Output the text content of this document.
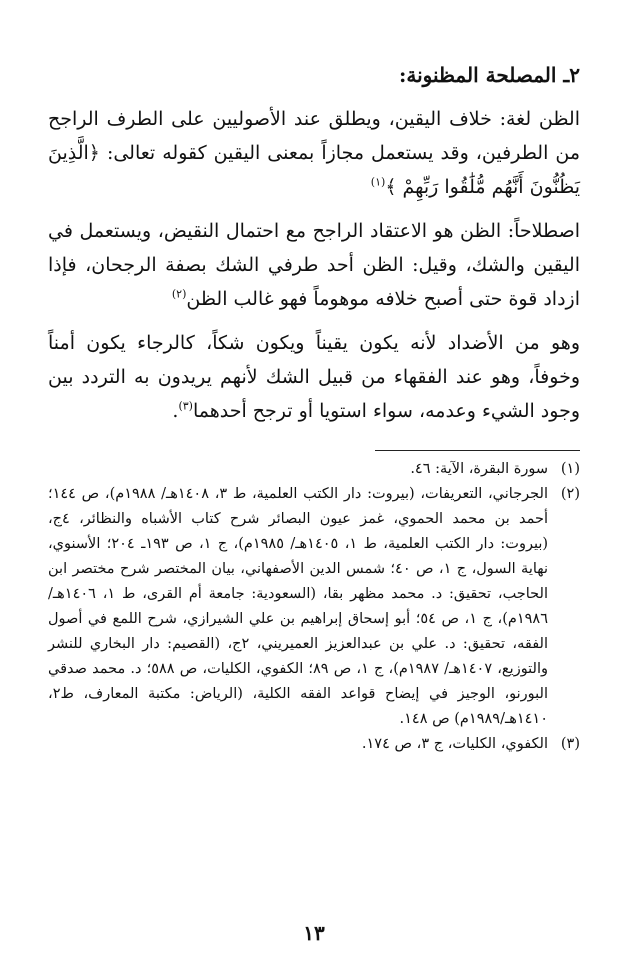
٢ـ المصلحة المظنونة:

الظن لغة: خلاف اليقين، ويطلق عند الأصوليين على الطرف الراجح من الطرفين، وقد يستعمل مجازاً بمعنى اليقين كقوله تعالى: ﴿الَّذِينَ يَظُنُّونَ أَنَّهُم مُّلَٰقُوا رَبِّهِمْ ﴾$^{(١)}$

اصطلاحاً: الظن هو الاعتقاد الراجح مع احتمال النقيض، ويستعمل في اليقين والشك، وقيل: الظن أحد طرفي الشك بصفة الرجحان، فإذا ازداد قوة حتى أصبح خلافه موهوماً فهو غالب الظن$^{(٢)}$

وهو من الأضداد لأنه يكون يقيناً ويكون شكاً، كالرجاء يكون أمناً وخوفاً، وهو عند الفقهاء من قبيل الشك لأنهم يريدون به التردد بين وجود الشيء وعدمه، سواء استويا أو ترجح أحدهما$^{(٣)}$.

(١)
سورة البقرة، الآية: ٤٦.
(٢)
الجرجاني، التعريفات، (بيروت: دار الكتب العلمية، ط ٣، ١٤٠٨هـ/ ١٩٨٨م)، ص ١٤٤؛ أحمد بن محمد الحموي، غمز عيون البصائر شرح كتاب الأشباه والنظائر، ٤ج، (بيروت: دار الكتب العلمية، ط ١، ١٤٠٥هـ/ ١٩٨٥م)، ج ١، ص ١٩٣ـ ٢٠٤؛ الأسنوي، نهاية السول، ج ١، ص ٤٠؛ شمس الدين الأصفهاني، بيان المختصر شرح مختصر ابن الحاجب، تحقيق: د. محمد مظهر بقا، (السعودية: جامعة أم القرى، ط ١، ١٤٠٦هـ/ ١٩٨٦م)، ج ١، ص ٥٤؛ أبو إسحاق إبراهيم بن علي الشيرازي، شرح اللمع في أصول الفقه، تحقيق: د. علي بن عبدالعزيز العميريني، ٢ج، (القصيم: دار البخاري للنشر والتوزيع، ١٤٠٧هـ/ ١٩٨٧م)، ج ١، ص ٨٩؛ الكفوي، الكليات، ص ٥٨٨؛ د. محمد صدقي البورنو، الوجيز في إيضاح قواعد الفقه الكلية، (الرياض: مكتبة المعارف، ط٢، ١٤١٠هـ/١٩٨٩م) ص ١٤٨.
(٣)
الكفوي، الكليات، ج ٣، ص ١٧٤.
١٣
